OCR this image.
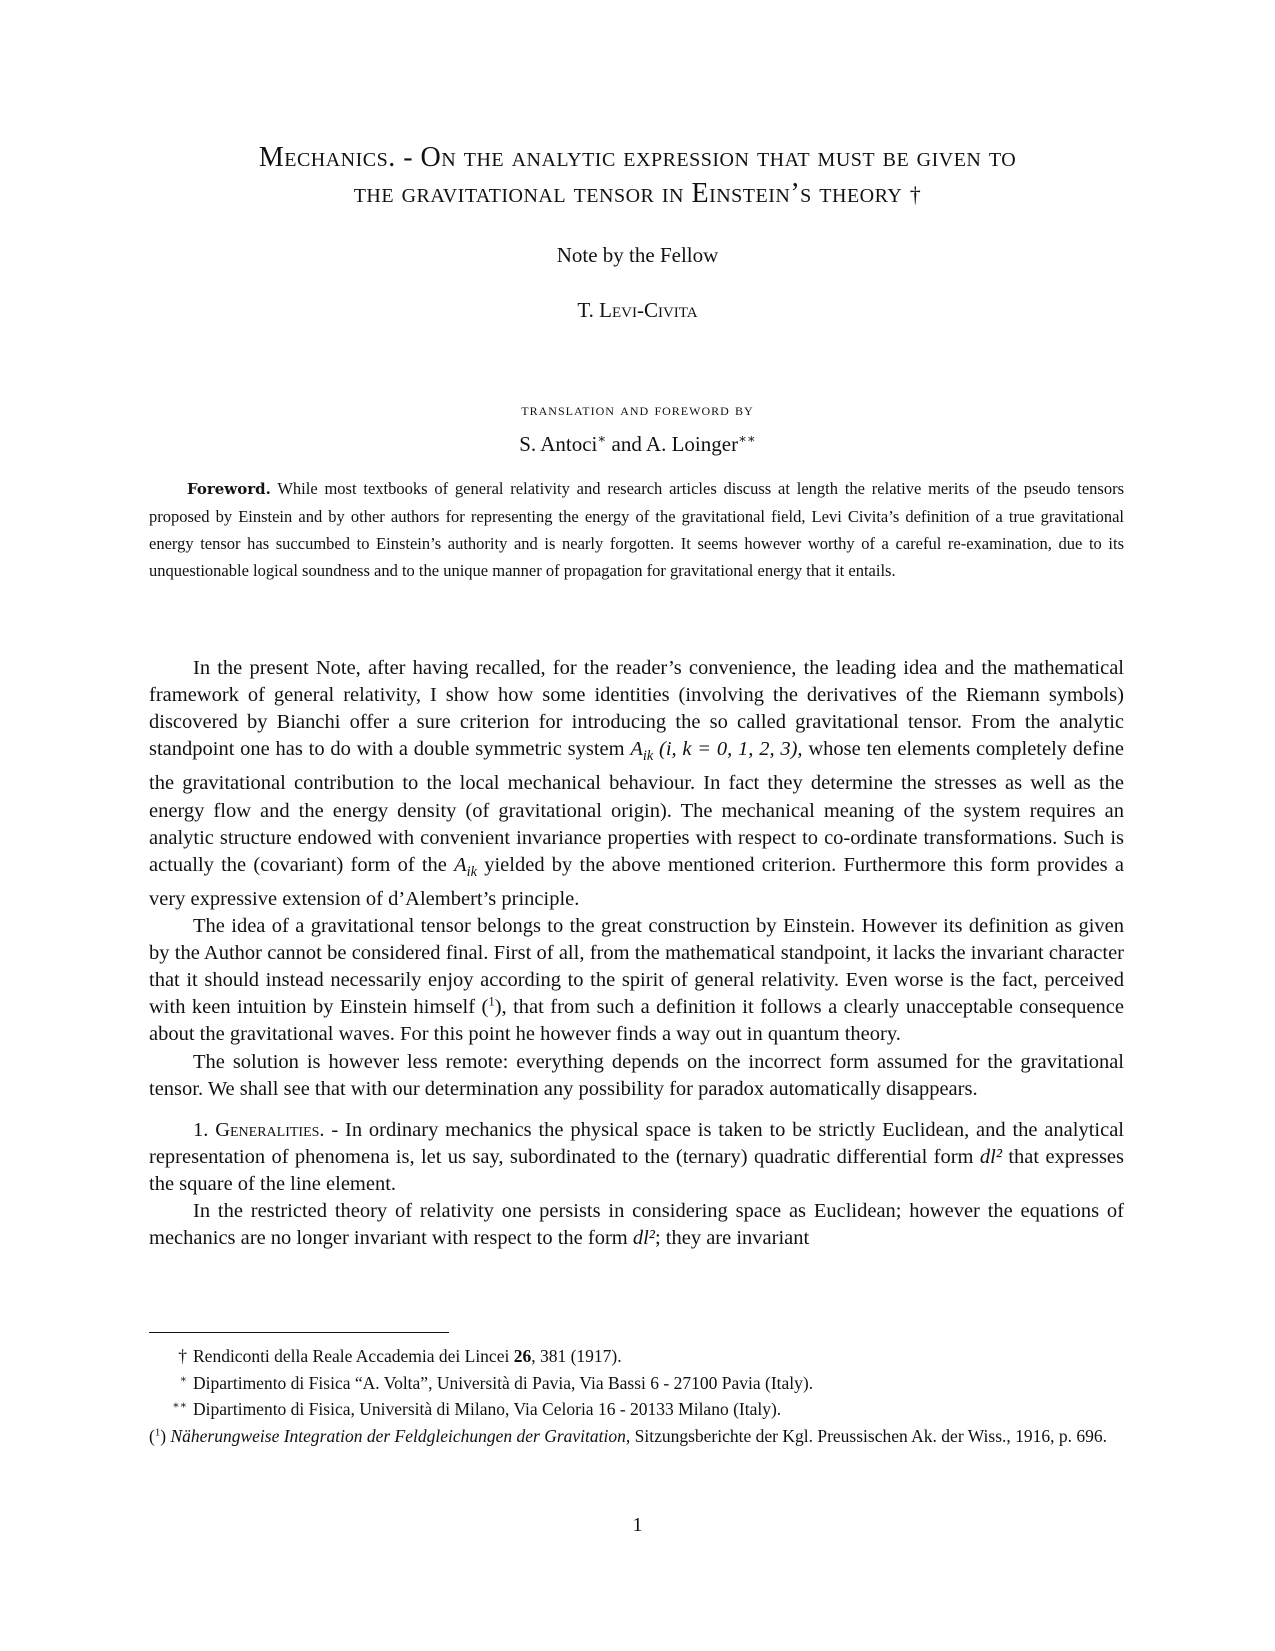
Mechanics. - On the analytic expression that must be given to
the gravitational tensor in Einstein’s theory †
Note by the Fellow
T. Levi-Civita
translation and foreword by
S. Antoci∗ and A. Loinger∗∗
Foreword. While most textbooks of general relativity and research articles discuss at length the relative merits of the pseudo tensors proposed by Einstein and by other authors for representing the energy of the gravitational field, Levi Civita’s definition of a true gravitational energy tensor has succumbed to Einstein’s authority and is nearly forgotten. It seems however worthy of a careful re-examination, due to its unquestionable logical soundness and to the unique manner of propagation for gravitational energy that it entails.

In the present Note, after having recalled, for the reader’s convenience, the leading idea and the mathematical framework of general relativity, I show how some identities (involving the derivatives of the Riemann symbols) discovered by Bianchi offer a sure criterion for introducing the so called gravitational tensor. From the analytic standpoint one has to do with a double symmetric system $A_{ik}$ (i, k = 0, 1, 2, 3), whose ten elements completely define the gravitational contribution to the local mechanical behaviour. In fact they determine the stresses as well as the energy flow and the energy density (of gravitational origin). The mechanical meaning of the system requires an analytic structure endowed with convenient invariance properties with respect to co-ordinate transformations. Such is actually the (covariant) form of the $A_{ik}$ yielded by the above mentioned criterion. Furthermore this form provides a very expressive extension of d’Alembert’s principle.

The idea of a gravitational tensor belongs to the great construction by Einstein. However its definition as given by the Author cannot be considered final. First of all, from the mathematical standpoint, it lacks the invariant character that it should instead necessarily enjoy according to the spirit of general relativity. Even worse is the fact, perceived with keen intuition by Einstein himself ($^1$), that from such a definition it follows a clearly unacceptable consequence about the gravitational waves. For this point he however finds a way out in quantum theory.

The solution is however less remote: everything depends on the incorrect form assumed for the gravitational tensor. We shall see that with our determination any possibility for paradox automatically disappears.

1. Generalities. - In ordinary mechanics the physical space is taken to be strictly Euclidean, and the analytical representation of phenomena is, let us say, subordinated to the (ternary) quadratic differential form dl² that expresses the square of the line element.

In the restricted theory of relativity one persists in considering space as Euclidean; however the equations of mechanics are no longer invariant with respect to the form dl²; they are invariant

† Rendiconti della Reale Accademia dei Lincei 26, 381 (1917).
∗ Dipartimento di Fisica “A. Volta”, Università di Pavia, Via Bassi 6 - 27100 Pavia (Italy).
∗∗ Dipartimento di Fisica, Università di Milano, Via Celoria 16 - 20133 Milano (Italy).
($^1$) Näherungweise Integration der Feldgleichungen der Gravitation, Sitzungsberichte der Kgl. Preussischen Ak. der Wiss., 1916, p. 696.
1
